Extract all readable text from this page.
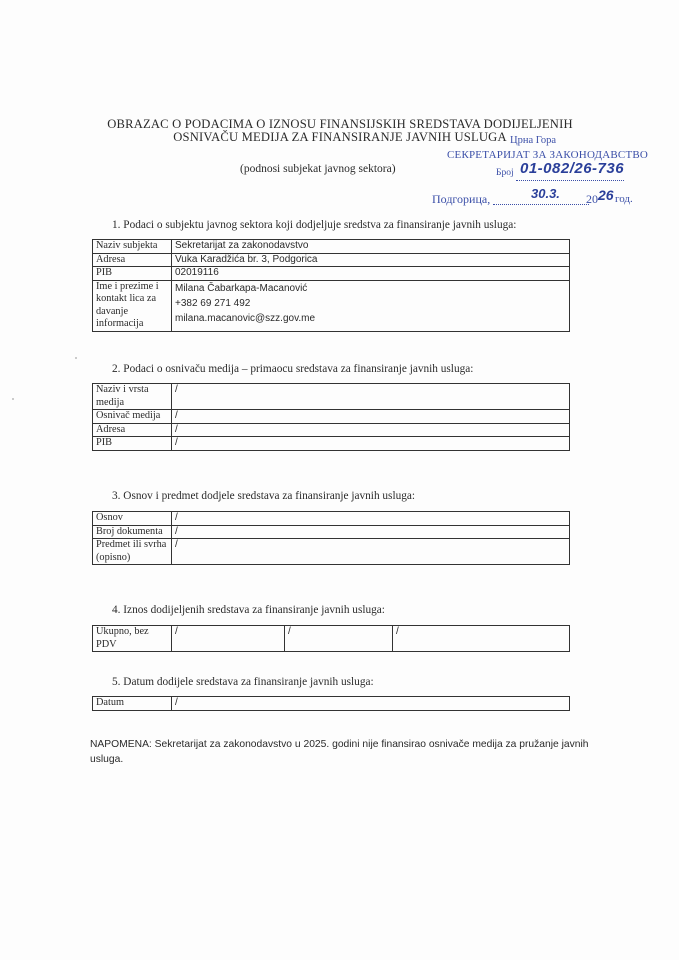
OBRAZAC O PODACIMA O IZNOSU FINANSIJSKIH SREDSTAVA DODIJELJENIH
OSNIVAČU MEDIJA ZA FINANSIRANJE JAVNIH USLUGA Црна Гора
СЕКРЕТАРИЈАТ ЗА ЗАКОНОДАВСТВО
Број 01-082/26-736
Подгорица,	30.3. 20 26 год.
(podnosi subjekat javnog sektora)
1. Podaci o subjektu javnog sektora koji dodjeljuje sredstva za finansiranje javnih usluga:
Naziv subjekta	Sekretarijat za zakonodavstvo
Adresa	Vuka Karadžića br. 3, Podgorica
PIB	02019116
Ime i prezime i kontakt lica za davanje informacija	Milana Čabarkapa-Macanović
+382 69 271 492
milana.macanovic@szz.gov.me
2. Podaci o osnivaču medija – primaocu sredstava za finansiranje javnih usluga:
Naziv i vrsta medija	/
Osnivač medija	/
Adresa	/
PIB	/
3. Osnov i predmet dodjele sredstava za finansiranje javnih usluga:
Osnov	/
Broj dokumenta	/
Predmet ili svrha (opisno)	/
4. Iznos dodijeljenih sredstava za finansiranje javnih usluga:
Ukupno, bez PDV	/	/	/
5. Datum dodijele sredstava za finansiranje javnih usluga:
Datum	/
NAPOMENA: Sekretarijat za zakonodavstvo u 2025. godini nije finansirao osnivače medija za pružanje javnih usluga.
